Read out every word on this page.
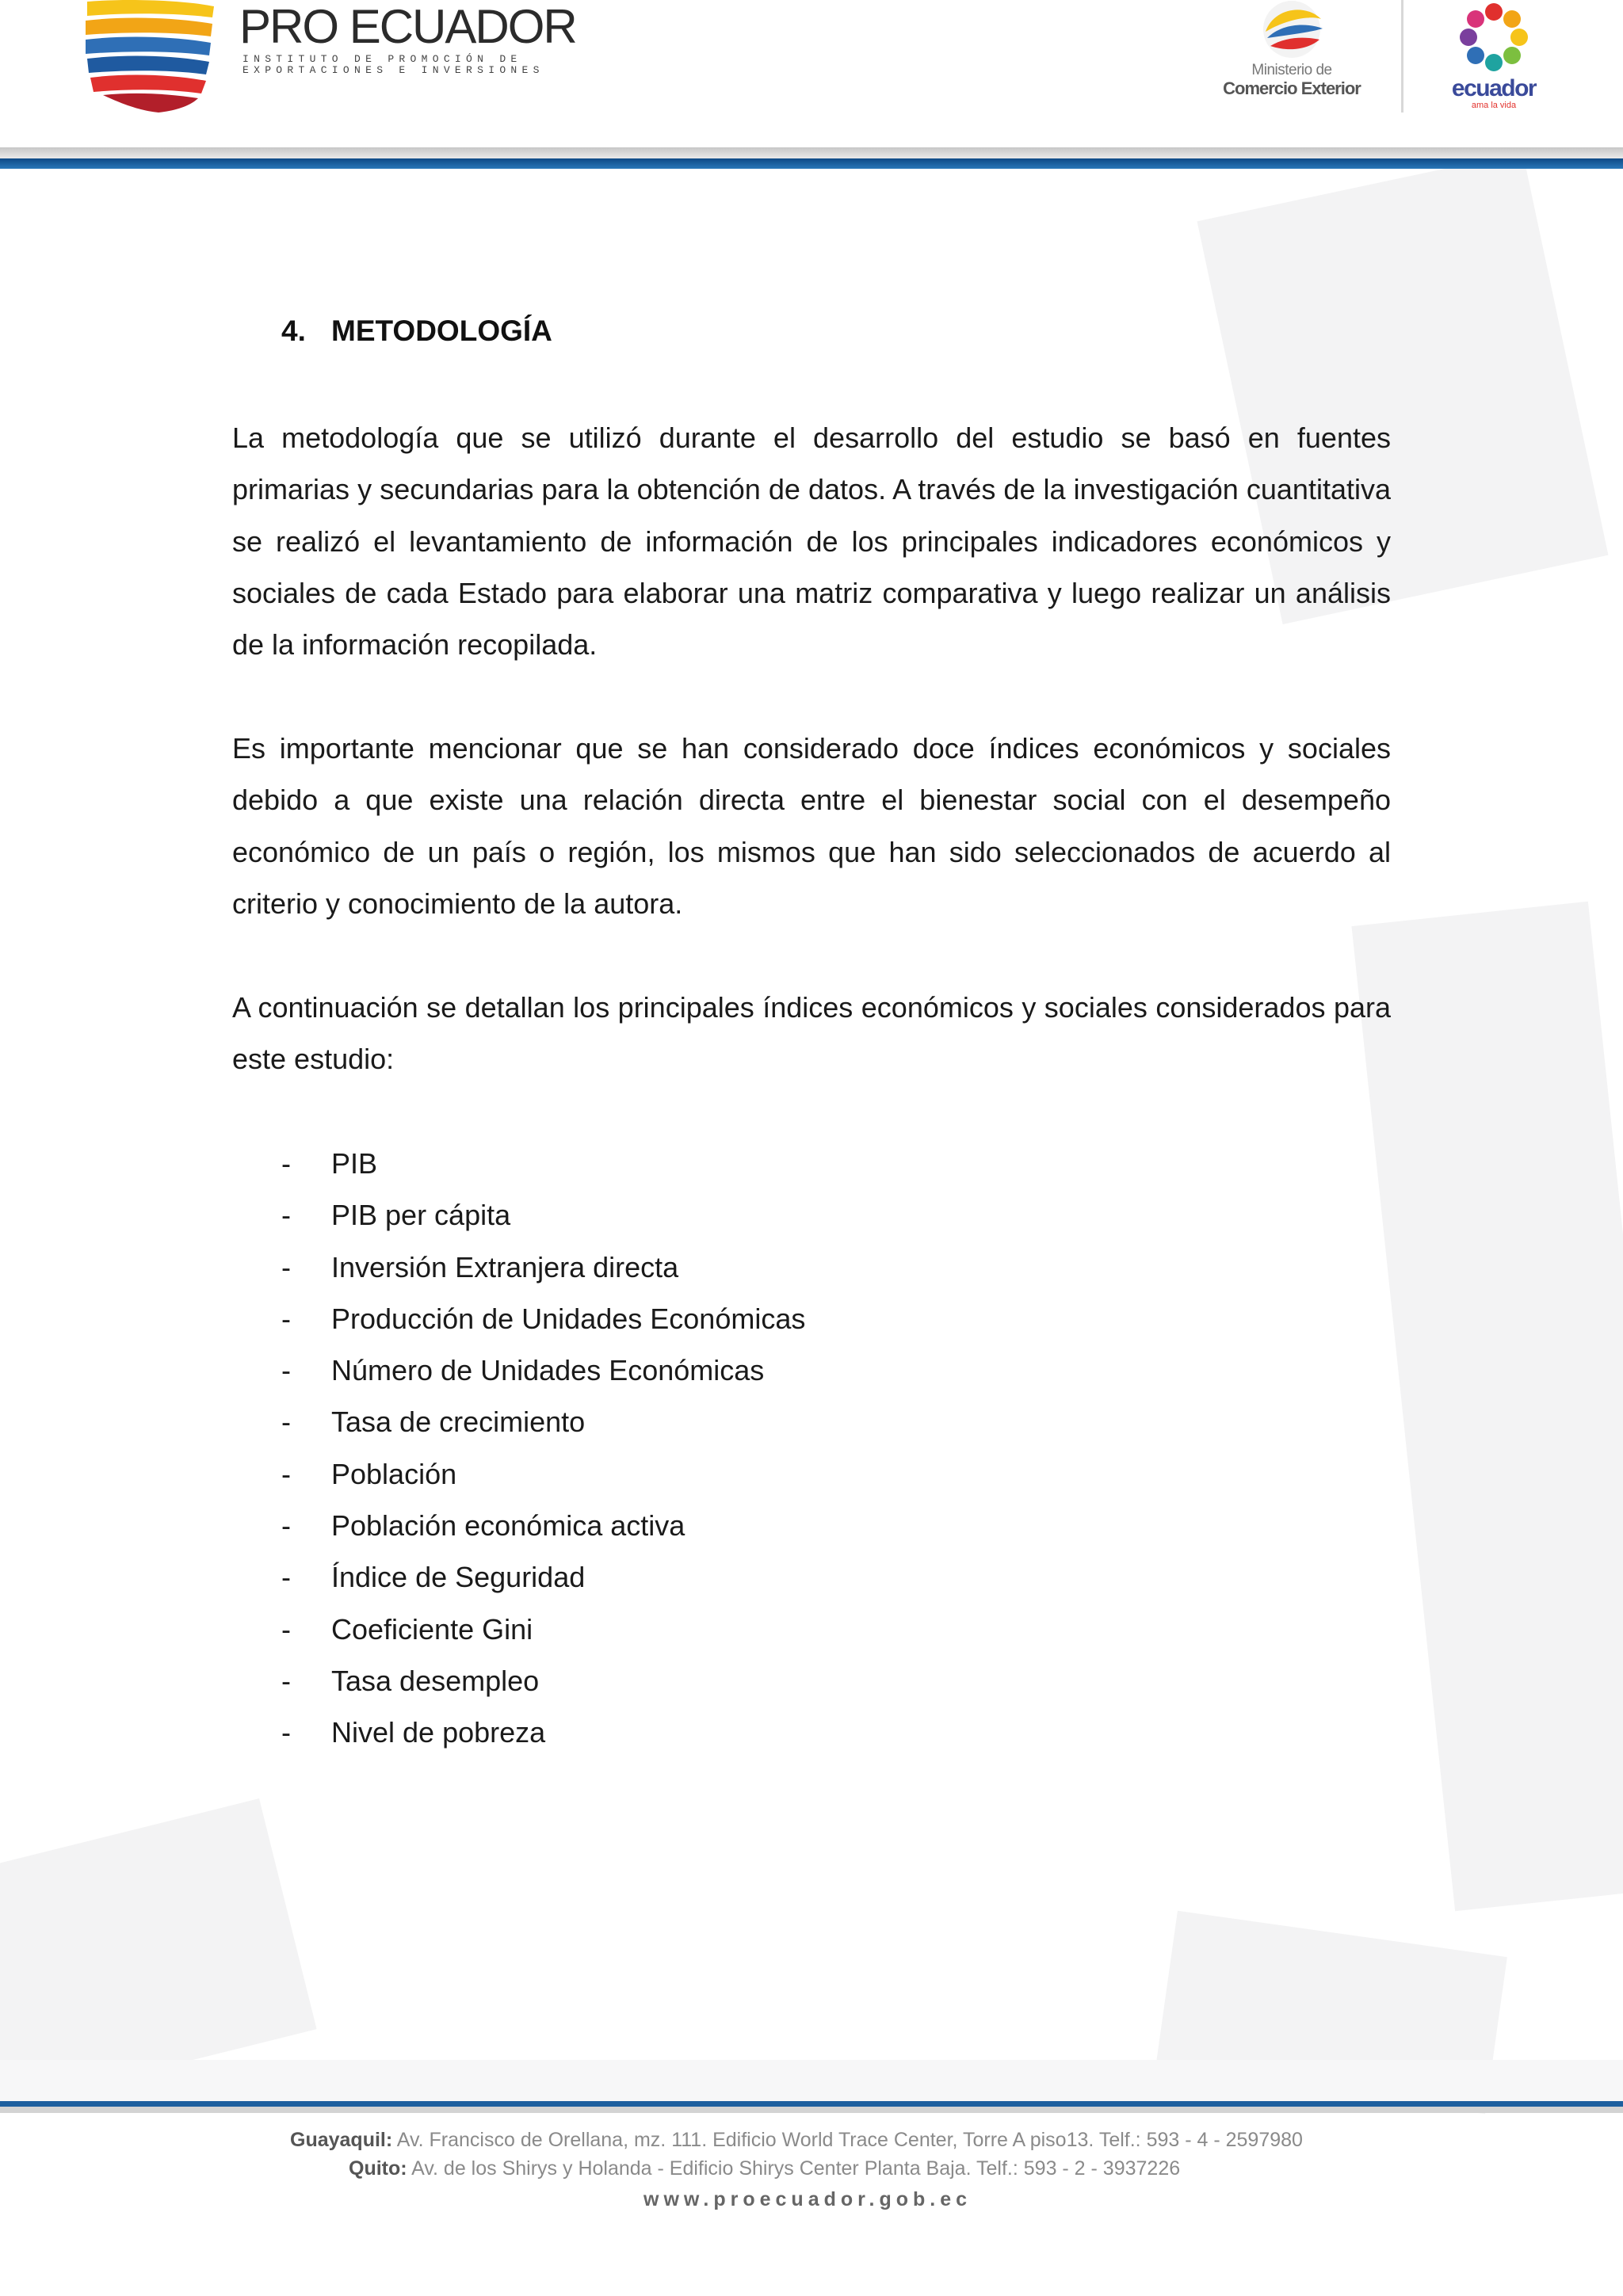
PRO ECUADOR
INSTITUTO DE PROMOCIÓN DE
EXPORTACIONES E INVERSIONES	Ministerio de
Comercio Exterior	ecuador
ama la vida
4. METODOLOGÍA

La metodología que se utilizó durante el desarrollo del estudio se basó en fuentes primarias y secundarias para la obtención de datos. A través de la investigación cuantitativa se realizó el levantamiento de información de los principales indicadores económicos y sociales de cada Estado para elaborar una matriz comparativa y luego realizar un análisis de la información recopilada.

Es importante mencionar que se han considerado doce índices económicos y sociales debido a que existe una relación directa entre el bienestar social con el desempeño económico de un país o región, los mismos que han sido seleccionados de acuerdo al criterio y conocimiento de la autora.

A continuación se detallan los principales índices económicos y sociales considerados para este estudio:

- PIB
- PIB per cápita
- Inversión Extranjera directa
- Producción de Unidades Económicas
- Número de Unidades Económicas
- Tasa de crecimiento
- Población
- Población económica activa
- Índice de Seguridad
- Coeficiente Gini
- Tasa desempleo
- Nivel de pobreza
Guayaquil: Av. Francisco de Orellana, mz. 111. Edificio World Trace Center, Torre A piso13. Telf.: 593 - 4 - 2597980
Quito: Av. de los Shirys y Holanda - Edificio Shirys Center Planta Baja. Telf.: 593 - 2 - 3937226
www.proecuador.gob.ec
